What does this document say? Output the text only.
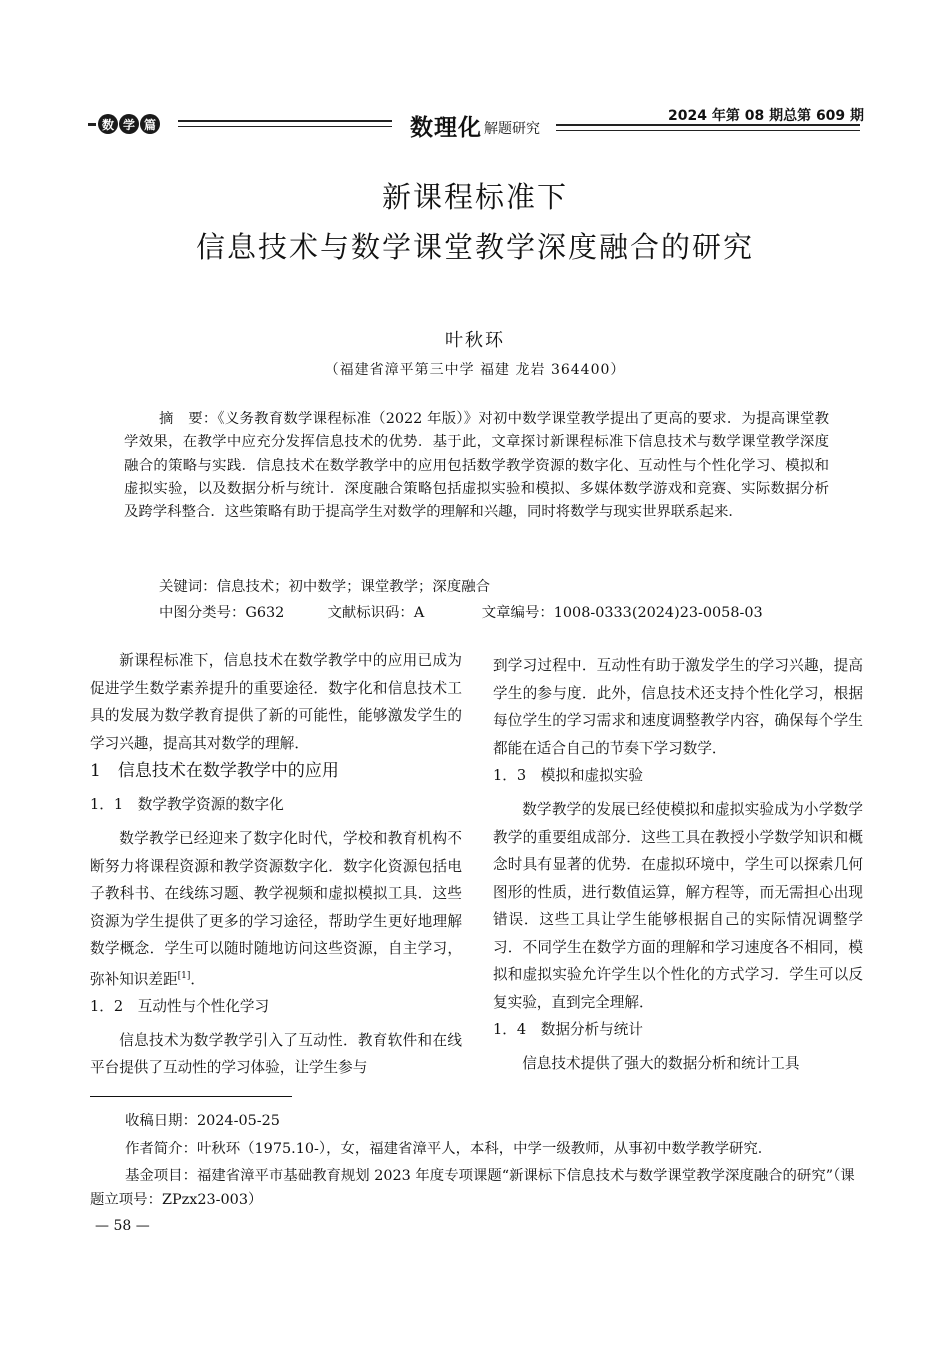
数 学 篇	数理化 解题研究
2024 年第 08 期总第 609 期
新课程标准下
信息技术与数学课堂教学深度融合的研究
叶秋环
（福建省漳平第三中学 福建 龙岩 364400）
摘　要：《义务教育数学课程标准（2022 年版）》对初中数学课堂教学提出了更高的要求．为提高课堂教学效果，在教学中应充分发挥信息技术的优势．基于此，文章探讨新课程标准下信息技术与数学课堂教学深度融合的策略与实践．信息技术在数学教学中的应用包括数学教学资源的数字化、互动性与个性化学习、模拟和虚拟实验，以及数据分析与统计．深度融合策略包括虚拟实验和模拟、多媒体数学游戏和竞赛、实际数据分析及跨学科整合．这些策略有助于提高学生对数学的理解和兴趣，同时将数学与现实世界联系起来．
关键词：信息技术；初中数学；课堂教学；深度融合
中图分类号：G632　　　文献标识码：A　　　　文章编号：1008-0333(2024)23-0058-03

新课程标准下，信息技术在数学教学中的应用已成为促进学生数学素养提升的重要途径．数字化和信息技术工具的发展为数学教育提供了新的可能性，能够激发学生的学习兴趣，提高其对数学的理解．

1　信息技术在数学教学中的应用
1．1　数学教学资源的数字化

数学教学已经迎来了数字化时代，学校和教育机构不断努力将课程资源和教学资源数字化．数字化资源包括电子教科书、在线练习题、教学视频和虚拟模拟工具．这些资源为学生提供了更多的学习途径，帮助学生更好地理解数学概念．学生可以随时随地访问这些资源，自主学习，弥补知识差距[1]．

1．2　互动性与个性化学习

信息技术为数学教学引入了互动性．教育软件和在线平台提供了互动性的学习体验，让学生参与

到学习过程中．互动性有助于激发学生的学习兴趣，提高学生的参与度．此外，信息技术还支持个性化学习，根据每位学生的学习需求和速度调整教学内容，确保每个学生都能在适合自己的节奏下学习数学．

1．3　模拟和虚拟实验

数学教学的发展已经使模拟和虚拟实验成为小学数学教学的重要组成部分．这些工具在教授小学数学知识和概念时具有显著的优势．在虚拟环境中，学生可以探索几何图形的性质，进行数值运算，解方程等，而无需担心出现错误．这些工具让学生能够根据自己的实际情况调整学习．不同学生在数学方面的理解和学习速度各不相同，模拟和虚拟实验允许学生以个性化的方式学习．学生可以反复实验，直到完全理解．

1．4　数据分析与统计

信息技术提供了强大的数据分析和统计工具

收稿日期：2024-05-25
作者简介：叶秋环（1975.10-），女，福建省漳平人，本科，中学一级教师，从事初中数学教学研究．
基金项目：福建省漳平市基础教育规划 2023 年度专项课题“新课标下信息技术与数学课堂教学深度融合的研究”（课题立项号：ZPzx23-003）
— 58 —
